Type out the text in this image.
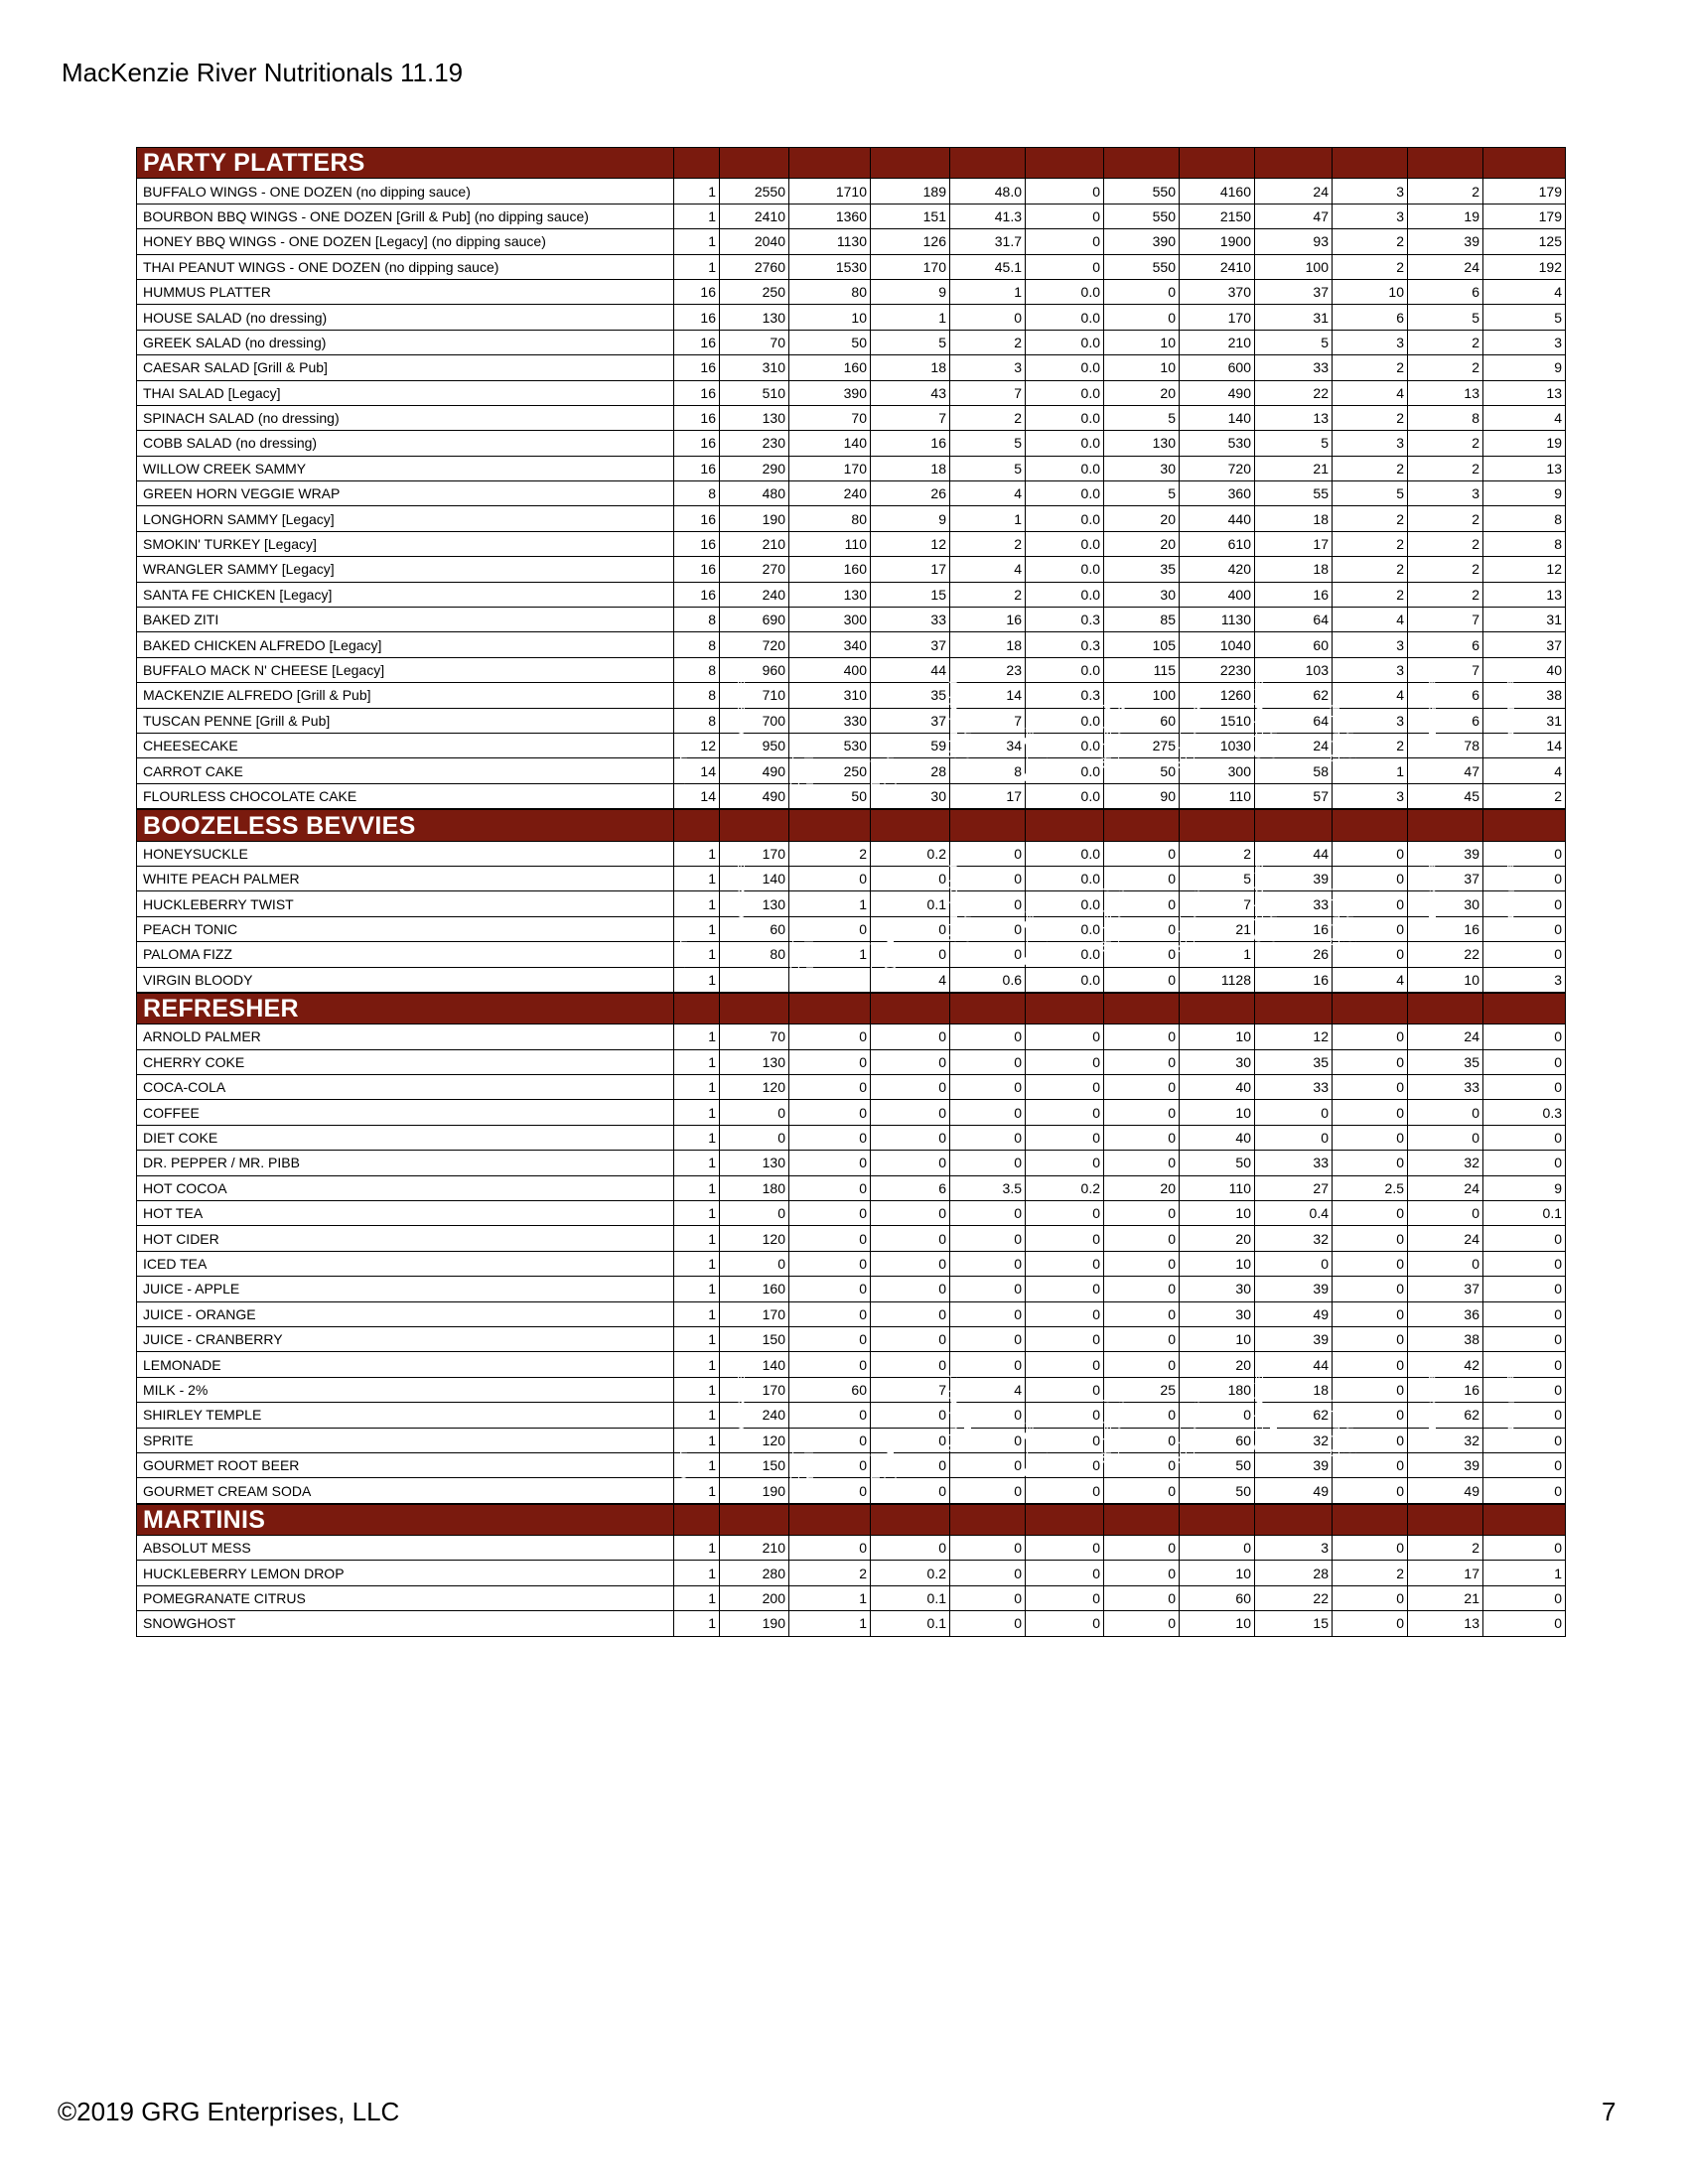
MacKenzie River Nutritionals 11.19
PARTY PLATTERS	Serving	Calories (kcal)	Calories
from Fat	Total Fat
(grams)	Saturated Fat
(grams)	Trans Fat
(grams)	Cholesterol
(milligrams)	Sodium
(milligrams)	Carbohydrate
(grams)	Dietary Fiber
(grams)	Sugars
(grams)	Protein
(grams)

BUFFALO WINGS - ONE DOZEN (no dipping sauce)	1	2550	1710	189	48.0	0	550	4160	24	3	2	179
BOURBON BBQ WINGS - ONE DOZEN [Grill & Pub] (no dipping sauce)	1	2410	1360	151	41.3	0	550	2150	47	3	19	179
HONEY BBQ WINGS - ONE DOZEN [Legacy] (no dipping sauce)	1	2040	1130	126	31.7	0	390	1900	93	2	39	125
THAI PEANUT WINGS - ONE DOZEN (no dipping sauce)	1	2760	1530	170	45.1	0	550	2410	100	2	24	192
HUMMUS PLATTER	16	250	80	9	1	0.0	0	370	37	10	6	4
HOUSE SALAD (no dressing)	16	130	10	1	0	0.0	0	170	31	6	5	5
GREEK SALAD (no dressing)	16	70	50	5	2	0.0	10	210	5	3	2	3
CAESAR SALAD [Grill & Pub]	16	310	160	18	3	0.0	10	600	33	2	2	9
THAI SALAD [Legacy]	16	510	390	43	7	0.0	20	490	22	4	13	13
SPINACH SALAD (no dressing)	16	130	70	7	2	0.0	5	140	13	2	8	4
COBB SALAD (no dressing)	16	230	140	16	5	0.0	130	530	5	3	2	19
WILLOW CREEK SAMMY	16	290	170	18	5	0.0	30	720	21	2	2	13
GREEN HORN VEGGIE WRAP	8	480	240	26	4	0.0	5	360	55	5	3	9
LONGHORN SAMMY [Legacy]	16	190	80	9	1	0.0	20	440	18	2	2	8
SMOKIN' TURKEY [Legacy]	16	210	110	12	2	0.0	20	610	17	2	2	8
WRANGLER SAMMY [Legacy]	16	270	160	17	4	0.0	35	420	18	2	2	12
SANTA FE CHICKEN [Legacy]	16	240	130	15	2	0.0	30	400	16	2	2	13
BAKED ZITI	8	690	300	33	16	0.3	85	1130	64	4	7	31
BAKED CHICKEN ALFREDO [Legacy]	8	720	340	37	18	0.3	105	1040	60	3	6	37
BUFFALO MACK N' CHEESE [Legacy]	8	960	400	44	23	0.0	115	2230	103	3	7	40
MACKENZIE ALFREDO [Grill & Pub]	8	710	310	35	14	0.3	100	1260	62	4	6	38
TUSCAN PENNE [Grill & Pub]	8	700	330	37	7	0.0	60	1510	64	3	6	31
CHEESECAKE	12	950	530	59	34	0.0	275	1030	24	2	78	14
CARROT CAKE	14	490	250	28	8	0.0	50	300	58	1	47	4
FLOURLESS CHOCOLATE CAKE	14	490	50	30	17	0.0	90	110	57	3	45	2
BOOZELESS BEVVIES	Serving	Calories (kcal)	Calories
from Fat	Total Fat
(grams)	Saturated Fat
(grams)	Trans Fat
(grams)	Cholesterol
(milligrams)	Sodium
(milligrams)	Carbohydrate
(grams)	Dietary Fiber
(grams)	Sugars (grams)	Protein (grams)

HONEYSUCKLE	1	170	2	0.2	0	0.0	0	2	44	0	39	0
WHITE PEACH PALMER	1	140	0	0	0	0.0	0	5	39	0	37	0
HUCKLEBERRY TWIST	1	130	1	0.1	0	0.0	0	7	33	0	30	0
PEACH TONIC	1	60	0	0	0	0.0	0	21	16	0	16	0
PALOMA FIZZ	1	80	1	0	0	0.0	0	1	26	0	22	0
VIRGIN BLOODY	1			4	0.6	0.0	0	1128	16	4	10	3
REFRESHER	Serving	Calories (kcal)	Calories
from Fat	Total Fat
(grams)	Saturated Fat
(grams)	Trans Fat
(grams)	Cholesterol
(milligrams)	Sodium
(milligrams)	Carbohydrate
(grams)	Dietary Fiber
(grams)	Sugars (grams)	Protein (grams)

ARNOLD PALMER	1	70	0	0	0	0	0	10	12	0	24	0
CHERRY COKE	1	130	0	0	0	0	0	30	35	0	35	0
COCA-COLA	1	120	0	0	0	0	0	40	33	0	33	0
COFFEE	1	0	0	0	0	0	0	10	0	0	0	0.3
DIET COKE	1	0	0	0	0	0	0	40	0	0	0	0
DR. PEPPER / MR. PIBB	1	130	0	0	0	0	0	50	33	0	32	0
HOT COCOA	1	180	0	6	3.5	0.2	20	110	27	2.5	24	9
HOT TEA	1	0	0	0	0	0	0	10	0.4	0	0	0.1
HOT CIDER	1	120	0	0	0	0	0	20	32	0	24	0
ICED TEA	1	0	0	0	0	0	0	10	0	0	0	0
JUICE - APPLE	1	160	0	0	0	0	0	30	39	0	37	0
JUICE - ORANGE	1	170	0	0	0	0	0	30	49	0	36	0
JUICE - CRANBERRY	1	150	0	0	0	0	0	10	39	0	38	0
LEMONADE	1	140	0	0	0	0	0	20	44	0	42	0
MILK - 2%	1	170	60	7	4	0	25	180	18	0	16	0
SHIRLEY TEMPLE	1	240	0	0	0	0	0	0	62	0	62	0
SPRITE	1	120	0	0	0	0	0	60	32	0	32	0
GOURMET ROOT BEER	1	150	0	0	0	0	0	50	39	0	39	0
GOURMET CREAM SODA	1	190	0	0	0	0	0	50	49	0	49	0
MARTINIS	Serving	Calories (kcal)	Calories
from Fat	Total Fat
(grams)	Saturated Fat
(grams)	Trans Fat
(grams)	Cholesterol
(milligrams)	Sodium
(milligrams)	Carbohydrate
(grams)	Dietary Fiber
(grams)	Sugars (grams)	Protein (grams)

ABSOLUT MESS	1	210	0	0	0	0	0	0	3	0	2	0
HUCKLEBERRY LEMON DROP	1	280	2	0.2	0	0	0	10	28	2	17	1
POMEGRANATE CITRUS	1	200	1	0.1	0	0	0	60	22	0	21	0
SNOWGHOST	1	190	1	0.1	0	0	0	10	15	0	13	0
©2019 GRG Enterprises, LLC	7
